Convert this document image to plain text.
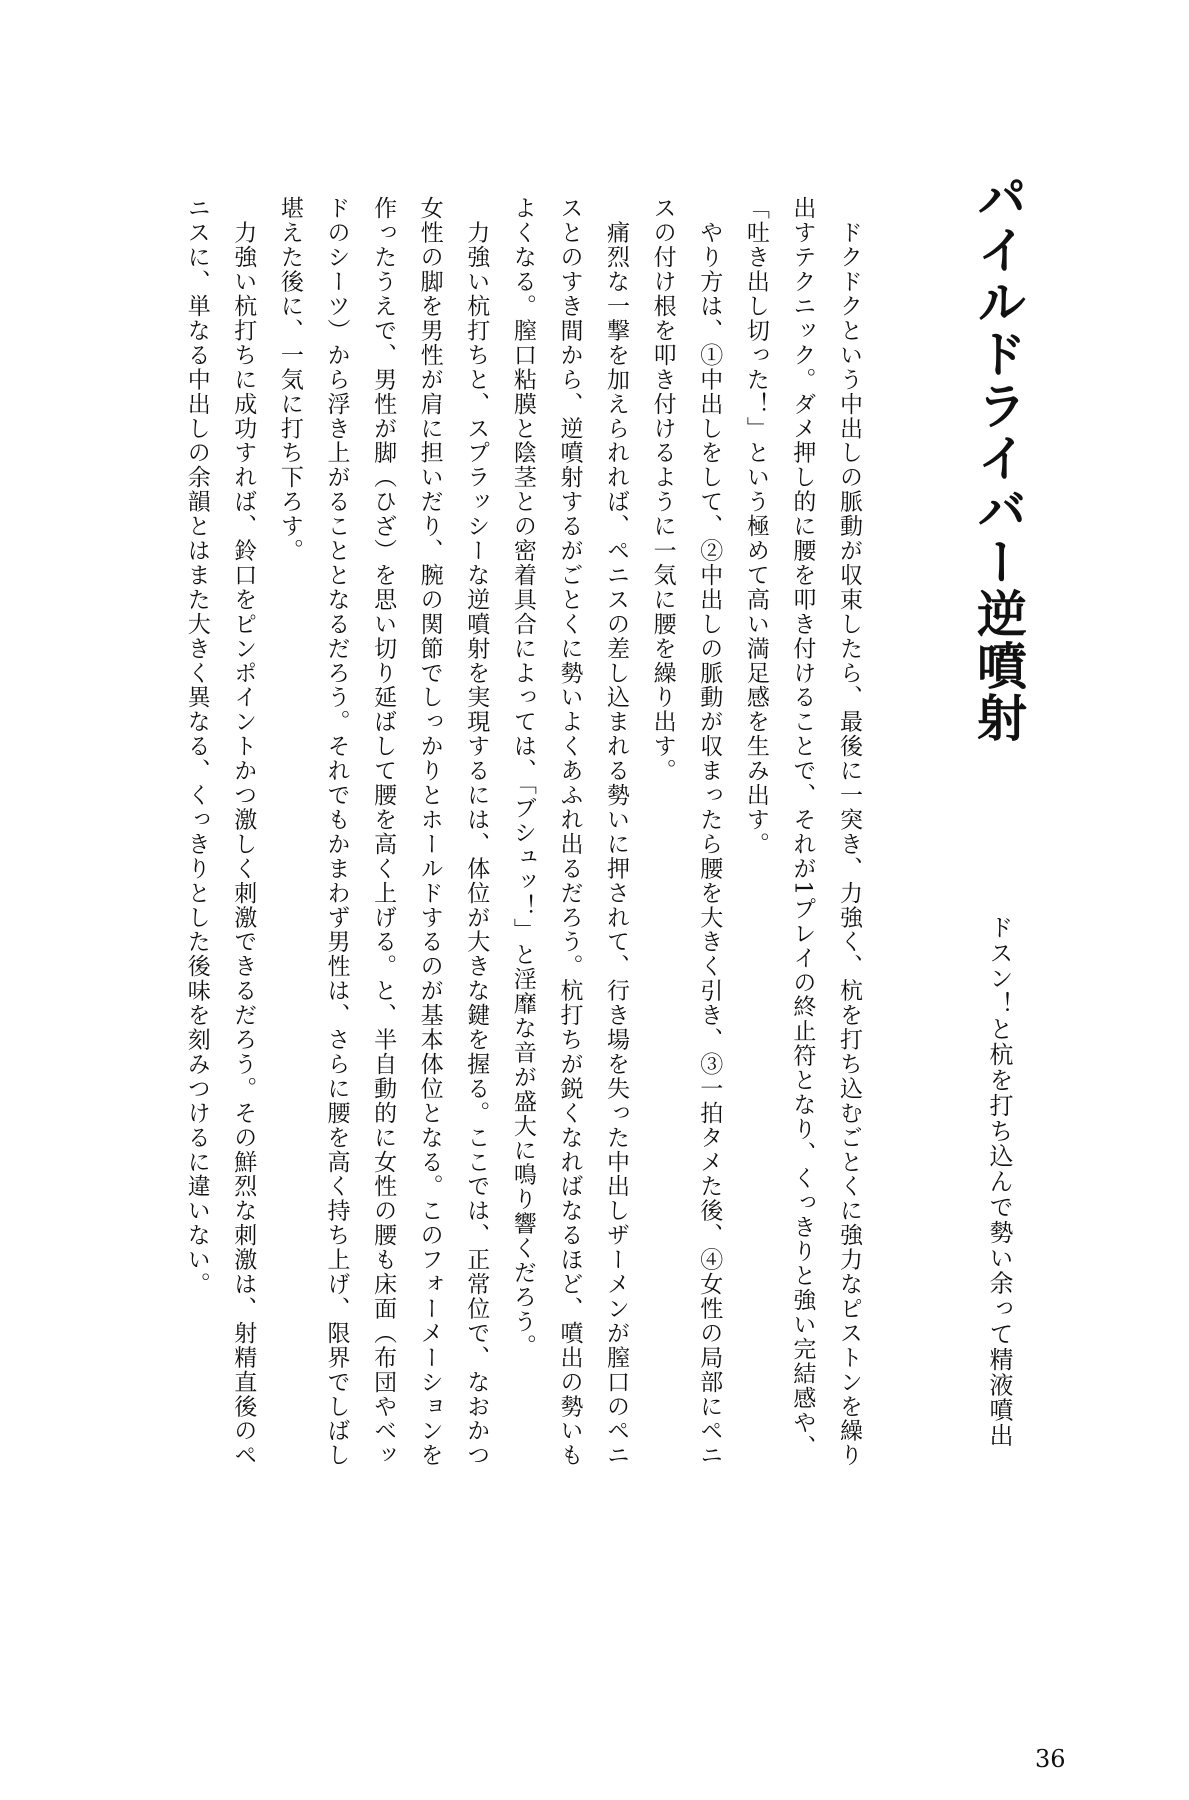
パイルドライバー逆噴射
ドスン！と杭を打ち込んで勢い余って精液噴出
　ドクドクという中出しの脈動が収束したら、最後に一突き、力強く、杭を打ち込むごとくに強力なピストンを繰り
出すテクニック。ダメ押し的に腰を叩き付けることで、それが1プレイの終止符となり、くっきりと強い完結感や、
「吐き出し切った！」という極めて高い満足感を生み出す。
　やり方は、①中出しをして、②中出しの脈動が収まったら腰を大きく引き、③一拍タメた後、④女性の局部にペニ
スの付け根を叩き付けるように一気に腰を繰り出す。
　痛烈な一撃を加えられれば、ペニスの差し込まれる勢いに押されて、行き場を失った中出しザーメンが膣口のペニ
スとのすき間から、逆噴射するがごとくに勢いよくあふれ出るだろう。杭打ちが鋭くなればなるほど、噴出の勢いも
よくなる。膣口粘膜と陰茎との密着具合によっては、「ブシュッ！」と淫靡な音が盛大に鳴り響くだろう。
　力強い杭打ちと、スプラッシーな逆噴射を実現するには、体位が大きな鍵を握る。ここでは、正常位で、なおかつ
女性の脚を男性が肩に担いだり、腕の関節でしっかりとホールドするのが基本体位となる。このフォーメーションを
作ったうえで、男性が脚（ひざ）を思い切り延ばして腰を高く上げる。と、半自動的に女性の腰も床面（布団やベッ
ドのシーツ）から浮き上がることとなるだろう。それでもかまわず男性は、さらに腰を高く持ち上げ、限界でしばし
堪えた後に、一気に打ち下ろす。
　力強い杭打ちに成功すれば、鈴口をピンポイントかつ激しく刺激できるだろう。その鮮烈な刺激は、射精直後のペ
ニスに、単なる中出しの余韻とはまた大きく異なる、くっきりとした後味を刻みつけるに違いない。
36
